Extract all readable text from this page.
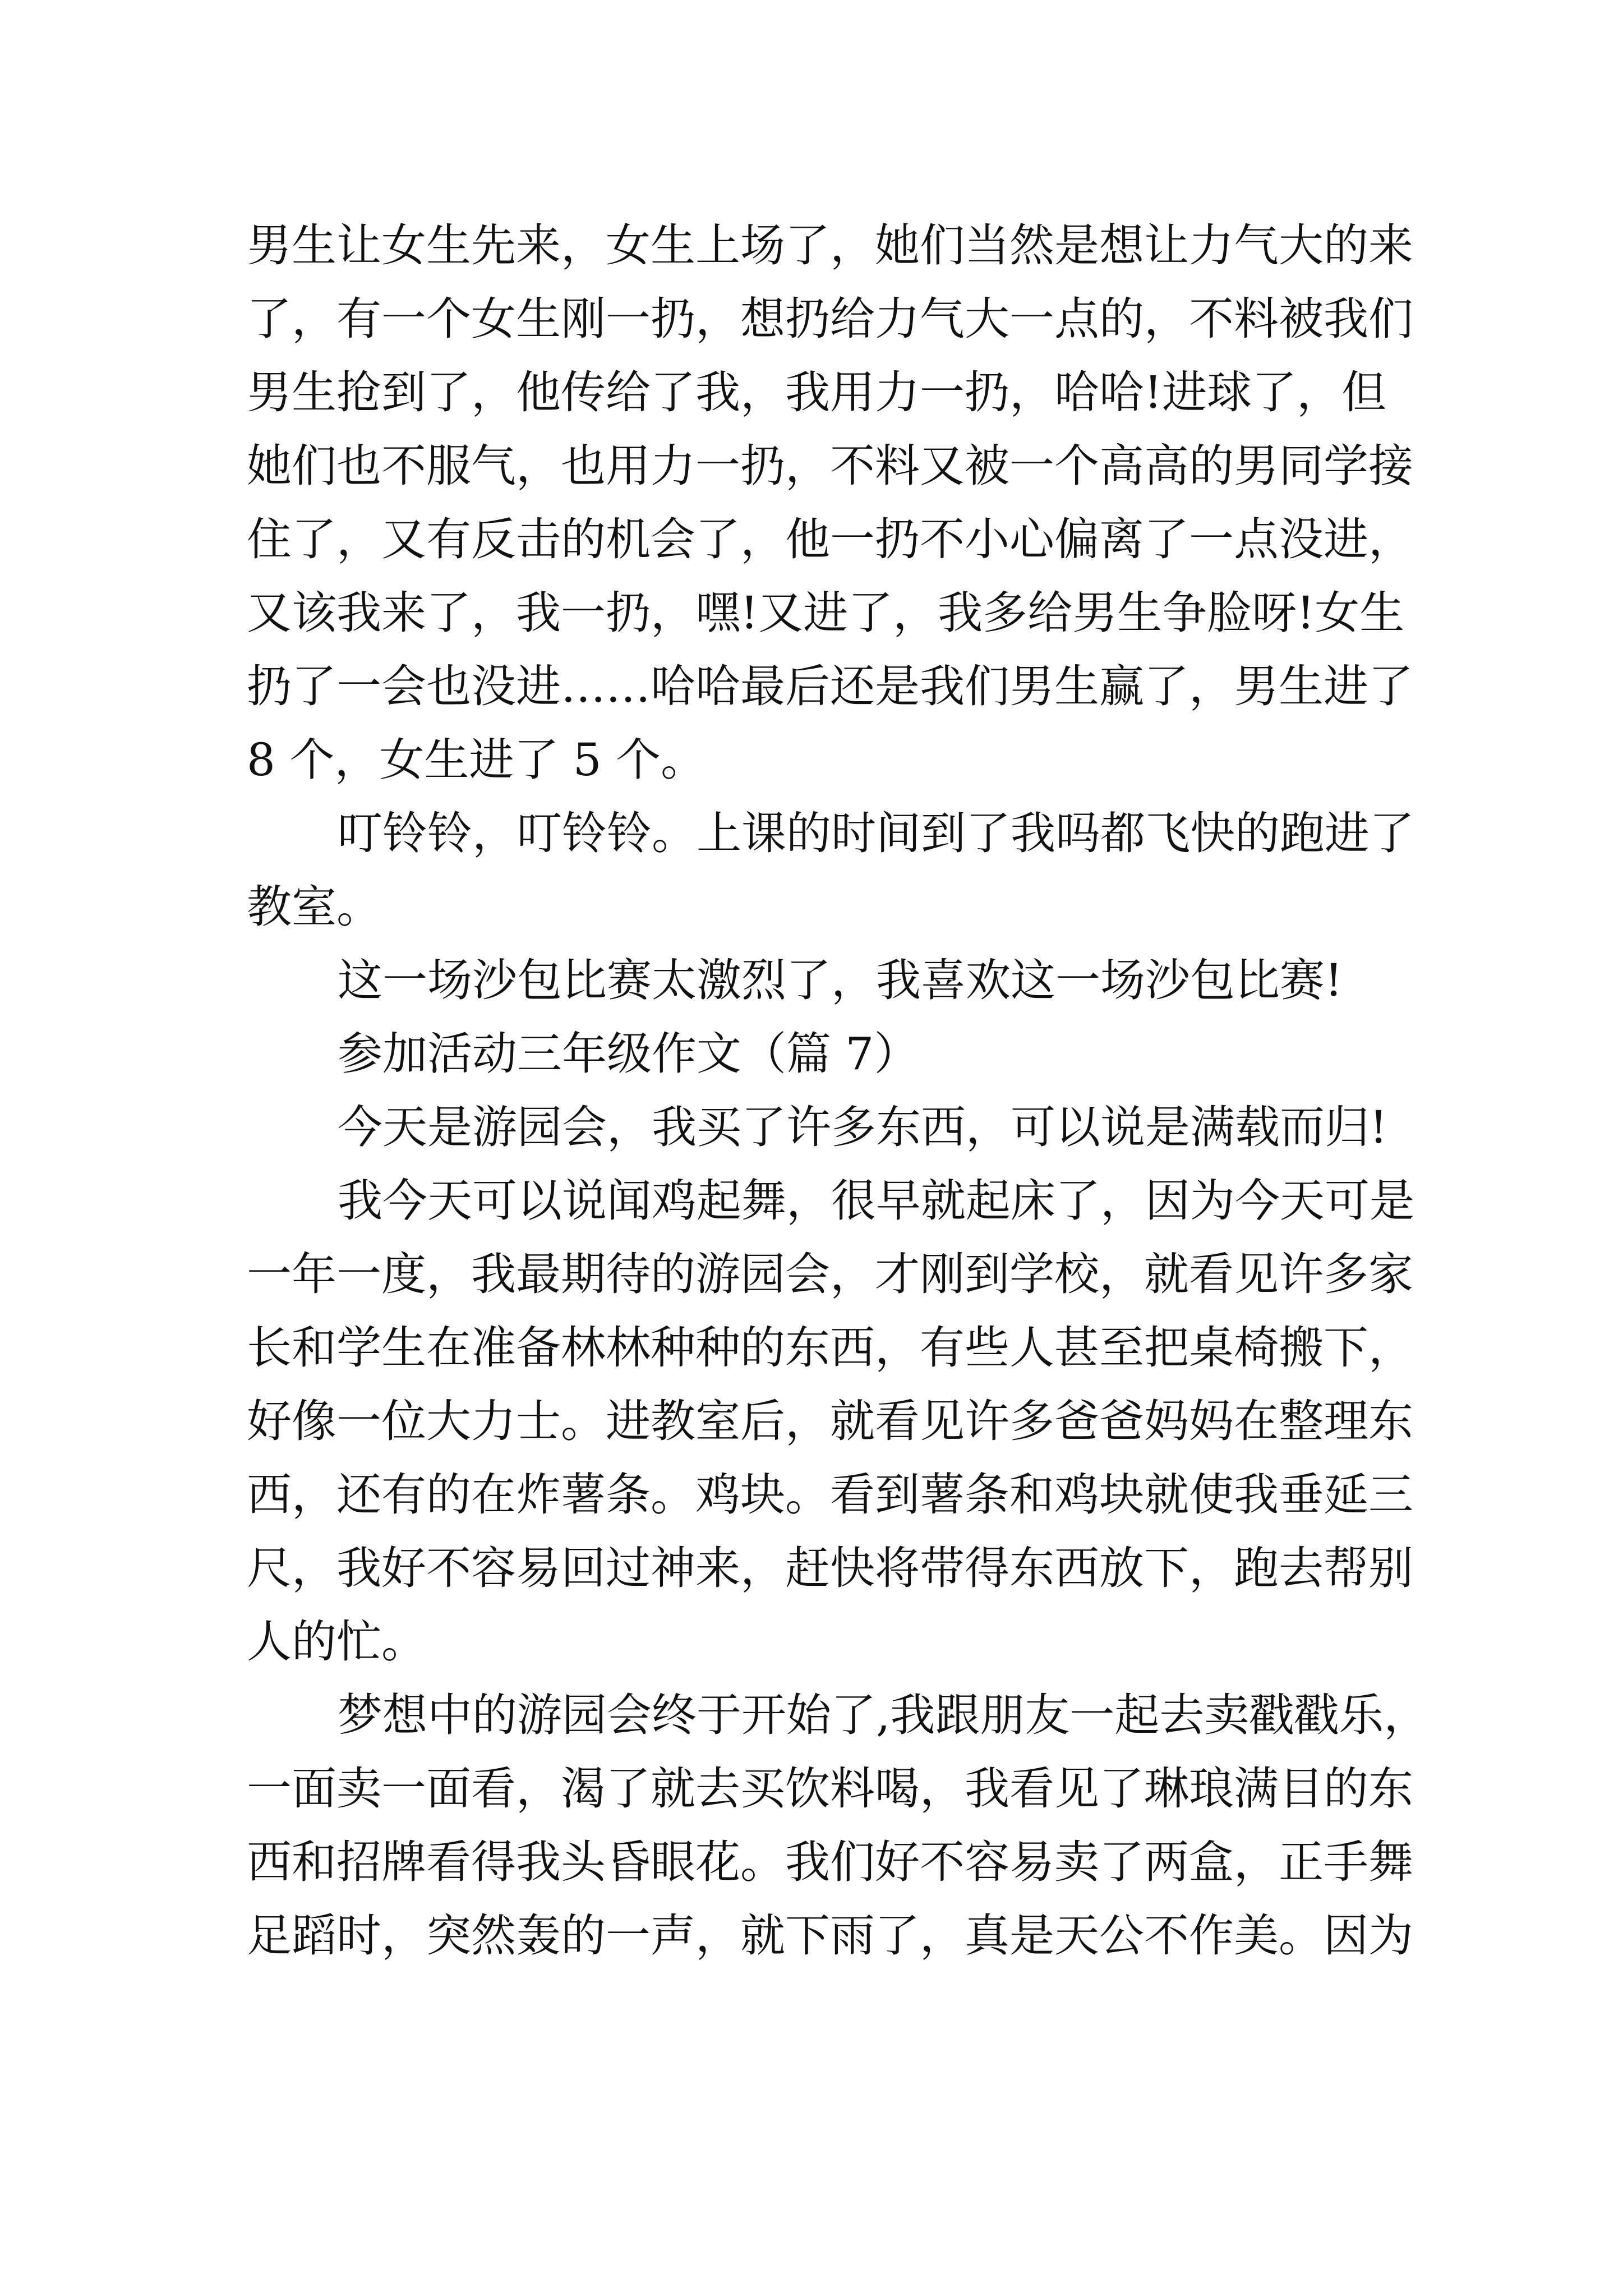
男生让女生先来，女生上场了，她们当然是想让力气大的来
了，有一个女生刚一扔，想扔给力气大一点的，不料被我们
男生抢到了，他传给了我，我用力一扔，哈哈!进球了，但
她们也不服气，也用力一扔，不料又被一个高高的男同学接
住了，又有反击的机会了，他一扔不小心偏离了一点没进，
又该我来了，我一扔，嘿!又进了，我多给男生争脸呀!女生
扔了一会也没进……哈哈最后还是我们男生赢了，男生进了
8 个，女生进了 5 个。
叮铃铃，叮铃铃。上课的时间到了我吗都飞快的跑进了
教室。
这一场沙包比赛太激烈了，我喜欢这一场沙包比赛!
参加活动三年级作文（篇 7）
今天是游园会，我买了许多东西，可以说是满载而归!
我今天可以说闻鸡起舞，很早就起床了，因为今天可是
一年一度，我最期待的游园会，才刚到学校，就看见许多家
长和学生在准备林林种种的东西，有些人甚至把桌椅搬下，
好像一位大力士。进教室后，就看见许多爸爸妈妈在整理东
西，还有的在炸薯条。鸡块。看到薯条和鸡块就使我垂延三
尺，我好不容易回过神来，赶快将带得东西放下，跑去帮别
人的忙。
梦想中的游园会终于开始了,我跟朋友一起去卖戳戳乐，
一面卖一面看，渴了就去买饮料喝，我看见了琳琅满目的东
西和招牌看得我头昏眼花。我们好不容易卖了两盒，正手舞
足蹈时，突然轰的一声，就下雨了，真是天公不作美。因为
